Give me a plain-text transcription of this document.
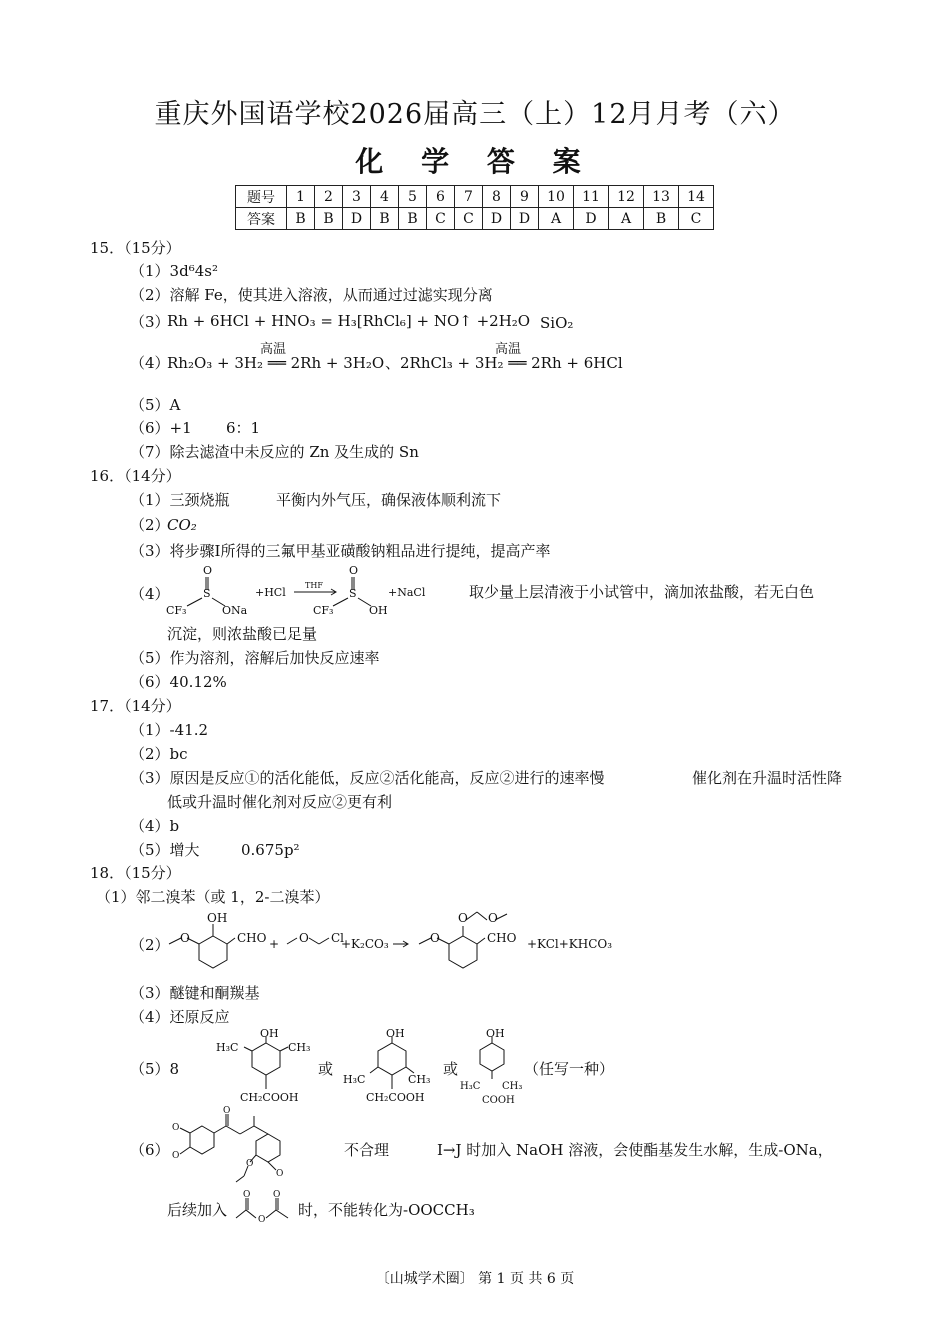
重庆外国语学校2026届高三（上）12月月考（六）
化 学 答 案
题号	1	2	3	4	5	6	7	8	9	10	11	12	13	14
答案	B	B	D	B	B	C	C	D	D	A	D	A	B	C
15．（15分）
（1）3d⁶4s²
（2）溶解 Fe，使其进入溶液，从而通过过滤实现分离
（3）
Rh + 6HCl + HNO₃ = H₃[RhCl₆] + NO↑ +2H₂O SiO₂
（4）
Rh₂O₃ + 3H₂ ══ 2Rh + 3H₂O
高温
、 2RhCl₃ + 3H₂ ══ 2Rh + 6HCl
高温
（5）A
（6）+1 6：1
（7）除去滤渣中未反应的 Zn 及生成的 Sn
16．（14分）
（1）三颈烧瓶	平衡内外气压，确保液体顺利流下
（2）
CO₂
（3）将步骤Ⅰ所得的三氟甲基亚磺酸钠粗品进行提纯，提高产率
（4）
O
S
CF₃	ONa
+HCl
THF
O
S
CF₃	OH
+NaCl	取少量上层清液于小试管中，滴加浓盐酸，若无白色
沉淀，则浓盐酸已足量
（5）作为溶剂，溶解后加快反应速率
（6）40.12%
17．（14分）
（1）-41.2
（2）bc
（3）原因是反应①的活化能低，反应②活化能高，反应②进行的速率慢	催化剂在升温时活性降
低或升温时催化剂对反应②更有利
（4）b
（5）增大	0.675p²
18．（15分）
（1）邻二溴苯（或 1，2-二溴苯）
（2）
OH
O	CHO + O Cl
+K₂CO₃
O O
O	CHO +KCl+KHCO₃
（3）醚键和酮羰基
（4）还原反应
（5）8
OH
H₃C	CH₃
CH₂COOH
OH
H₃C	CH₃
CH₂COOH
OH
H₃C CH₃
COOH
或	或	（任写一种）
（6）
O
O
O
O
O
不合理	I→J 时加入 NaOH 溶液，会使酯基发生水解，生成-ONa，
后续加入
O
O
O
时，不能转化为-OOCCH₃
〔山城学术圈〕 第 1 页 共 6 页
